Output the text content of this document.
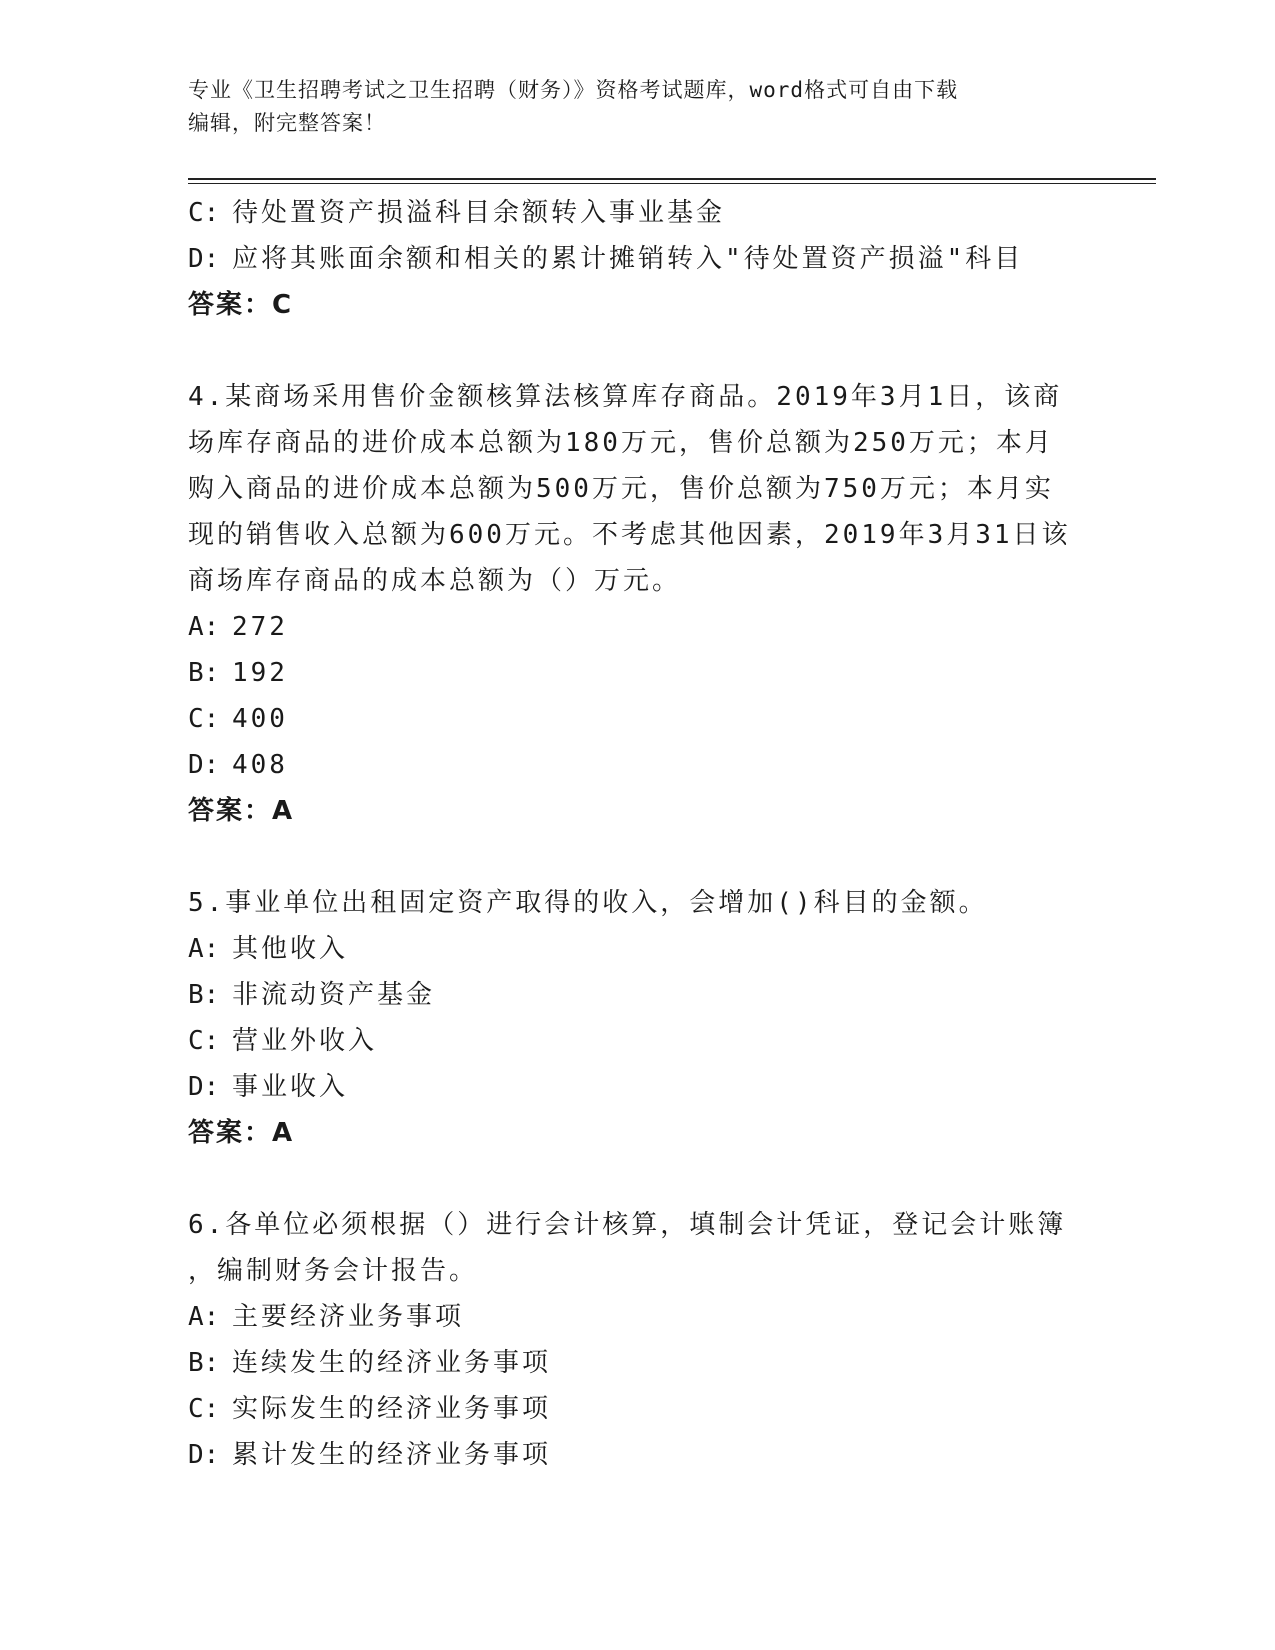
专业《卫生招聘考试之卫生招聘（财务）》资格考试题库，word格式可自由下载
编辑，附完整答案！
C: 待处置资产损溢科目余额转入事业基金
D: 应将其账面余额和相关的累计摊销转入"待处置资产损溢"科目
答案：C
4.某商场采用售价金额核算法核算库存商品。2019年3月1日，该商
场库存商品的进价成本总额为180万元，售价总额为250万元；本月
购入商品的进价成本总额为500万元，售价总额为750万元；本月实
现的销售收入总额为600万元。不考虑其他因素，2019年3月31日该
商场库存商品的成本总额为（）万元。
A: 272
B: 192
C: 400
D: 408
答案：A
5.事业单位出租固定资产取得的收入，会增加()科目的金额。
A: 其他收入
B: 非流动资产基金
C: 营业外收入
D: 事业收入
答案：A
6.各单位必须根据（）进行会计核算，填制会计凭证，登记会计账簿
，编制财务会计报告。
A: 主要经济业务事项
B: 连续发生的经济业务事项
C: 实际发生的经济业务事项
D: 累计发生的经济业务事项
